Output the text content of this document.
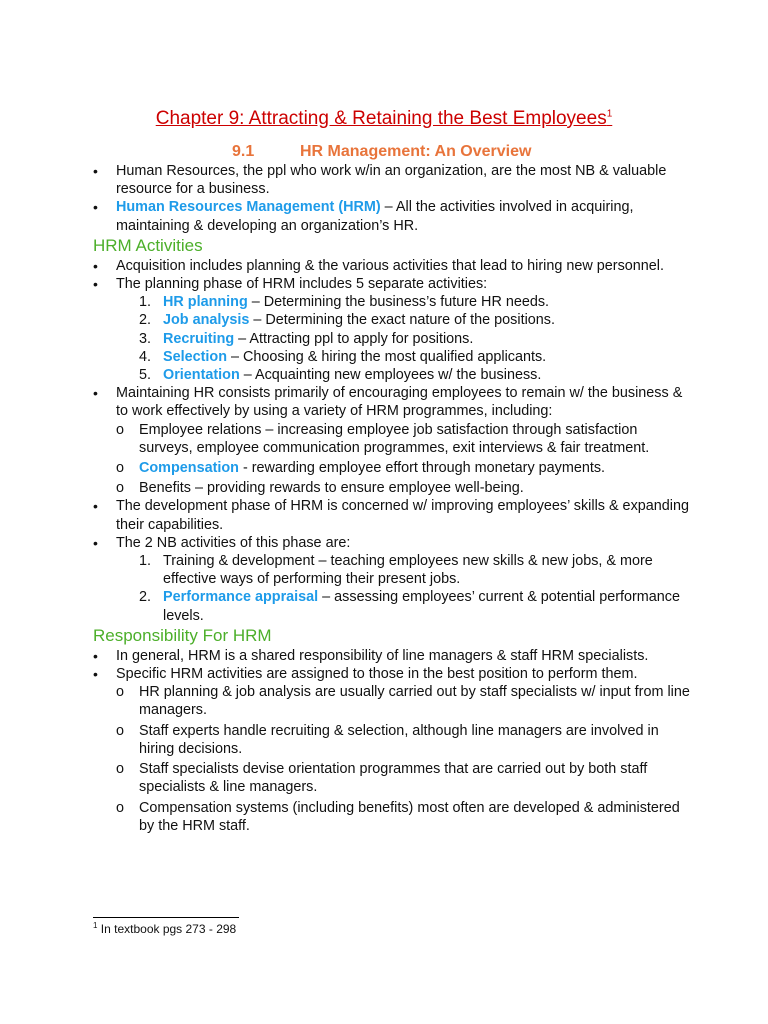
Chapter 9: Attracting & Retaining the Best Employees$^1$
9.1	HR Management: An Overview
• Human Resources, the ppl who work w/in an organization, are the most NB & valuable resource for a business.
• Human Resources Management (HRM) – All the activities involved in acquiring, maintaining & developing an organization’s HR.
HRM Activities
• Acquisition includes planning & the various activities that lead to hiring new personnel.
• The planning phase of HRM includes 5 separate activities:
1. HR planning – Determining the business’s future HR needs.
2. Job analysis – Determining the exact nature of the positions.
3. Recruiting – Attracting ppl to apply for positions.
4. Selection – Choosing & hiring the most qualified applicants.
5. Orientation – Acquainting new employees w/ the business.
• Maintaining HR consists primarily of encouraging employees to remain w/ the business & to work effectively by using a variety of HRM programmes, including:
o Employee relations – increasing employee job satisfaction through satisfaction surveys, employee communication programmes, exit interviews & fair treatment.
o Compensation - rewarding employee effort through monetary payments.
o Benefits – providing rewards to ensure employee well-being.
• The development phase of HRM is concerned w/ improving employees’ skills & expanding their capabilities.
• The 2 NB activities of this phase are:
1. Training & development – teaching employees new skills & new jobs, & more effective ways of performing their present jobs.
2. Performance appraisal – assessing employees’ current & potential performance levels.
Responsibility For HRM
• In general, HRM is a shared responsibility of line managers & staff HRM specialists.
• Specific HRM activities are assigned to those in the best position to perform them.
o HR planning & job analysis are usually carried out by staff specialists w/ input from line managers.
o Staff experts handle recruiting & selection, although line managers are involved in hiring decisions.
o Staff specialists devise orientation programmes that are carried out by both staff specialists & line managers.
o Compensation systems (including benefits) most often are developed & administered by the HRM staff.
$^1$ In textbook pgs 273 - 298
